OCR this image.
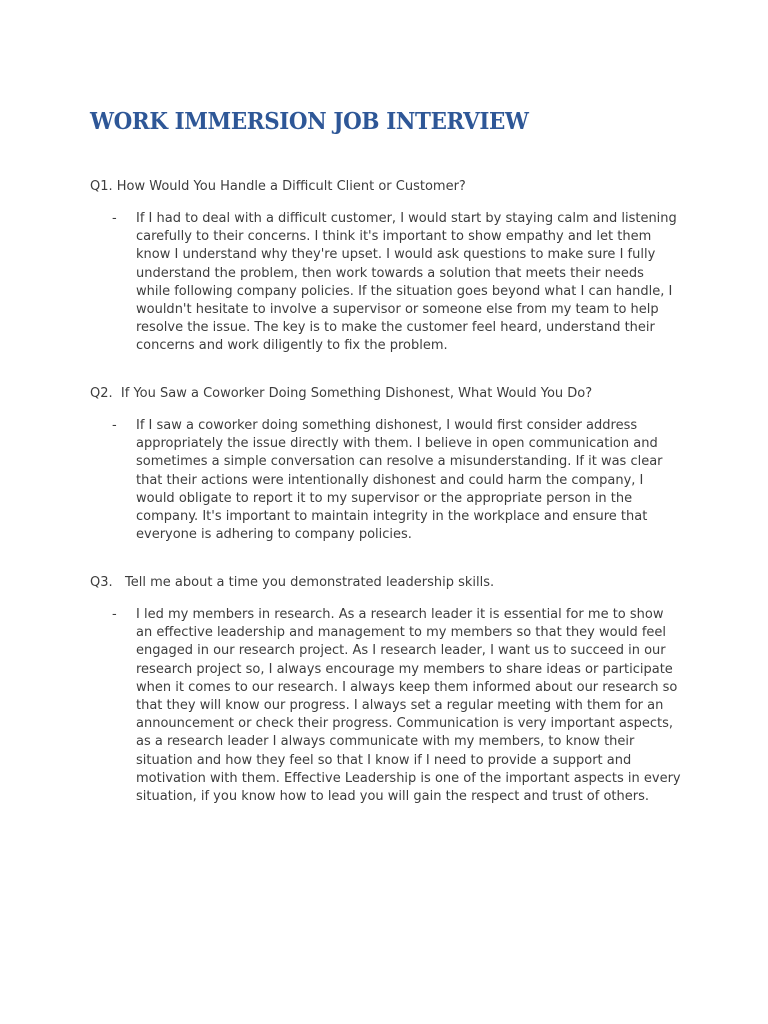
WORK IMMERSION JOB INTERVIEW

Q1. How Would You Handle a Difficult Client or Customer?

- If I had to deal with a difficult customer, I would start by staying calm and listening carefully to their concerns. I think it's important to show empathy and let them know I understand why they're upset. I would ask questions to make sure I fully understand the problem, then work towards a solution that meets their needs while following company policies. If the situation goes beyond what I can handle, I wouldn't hesitate to involve a supervisor or someone else from my team to help resolve the issue. The key is to make the customer feel heard, understand their concerns and work diligently to fix the problem.

Q2.  If You Saw a Coworker Doing Something Dishonest, What Would You Do?

- If I saw a coworker doing something dishonest, I would first consider address appropriately the issue directly with them. I believe in open communication and sometimes a simple conversation can resolve a misunderstanding. If it was clear that their actions were intentionally dishonest and could harm the company, I would obligate to report it to my supervisor or the appropriate person in the company. It's important to maintain integrity in the workplace and ensure that everyone is adhering to company policies.

Q3.   Tell me about a time you demonstrated leadership skills.

- I led my members in research. As a research leader it is essential for me to show an effective leadership and management to my members so that they would feel engaged in our research project. As I research leader, I want us to succeed in our research project so, I always encourage my members to share ideas or participate when it comes to our research. I always keep them informed about our research so that they will know our progress. I always set a regular meeting with them for an announcement or check their progress. Communication is very important aspects, as a research leader I always communicate with my members, to know their situation and how they feel so that I know if I need to provide a support and motivation with them. Effective Leadership is one of the important aspects in every situation, if you know how to lead you will gain the respect and trust of others.
